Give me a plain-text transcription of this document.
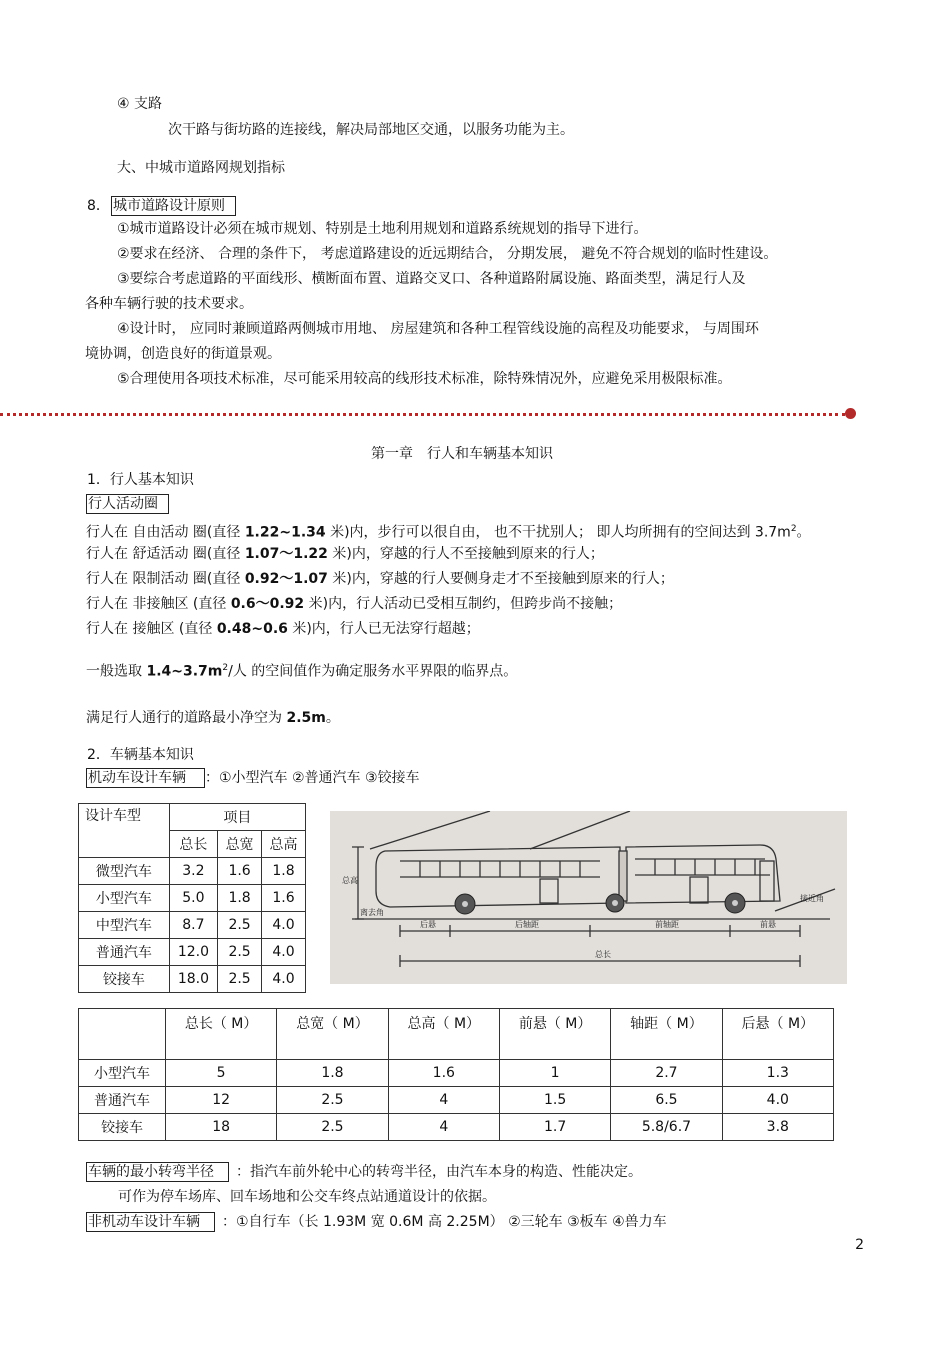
④ 支路
次干路与街坊路的连接线，解决局部地区交通，以服务功能为主。
大、中城市道路网规划指标
8． 城市道路设计原则
①城市道路设计必须在城市规划、特别是土地利用规划和道路系统规划的指导下进行。
②要求在经济、 合理的条件下， 考虑道路建设的近远期结合， 分期发展， 避免不符合规划的临时性建设。
③要综合考虑道路的平面线形、横断面布置、道路交叉口、各种道路附属设施、路面类型，满足行人及
各种车辆行驶的技术要求。
④设计时， 应同时兼顾道路两侧城市用地、 房屋建筑和各种工程管线设施的高程及功能要求， 与周围环
境协调，创造良好的街道景观。
⑤合理使用各项技术标准，尽可能采用较高的线形技术标准，除特殊情况外，应避免采用极限标准。
第一章　行人和车辆基本知识
1．行人基本知识
行人活动圈
行人在 自由活动 圈(直径 1.22~1.34 米)内，步行可以很自由， 也不干扰别人； 即人均所拥有的空间达到 $3.7m^2$。
行人在 舒适活动 圈(直径 1.07～1.22 米)内，穿越的行人不至接触到原来的行人；
行人在 限制活动 圈(直径 0.92～1.07 米)内，穿越的行人要侧身走才不至接触到原来的行人；
行人在 非接触区 (直径 0.6～0.92 米)内，行人活动已受相互制约，但跨步尚不接触；
行人在 接触区 (直径 0.48~0.6 米)内，行人已无法穿行超越；
一般选取 $1.4\sim 3.7m^2/$人 的空间值作为确定服务水平界限的临界点。
满足行人通行的道路最小净空为 2.5m。
2．车辆基本知识
机动车设计车辆	：①小型汽车 ②普通汽车 ③铰接车
设计车型	项目		
	总长	总宽	总高
微型汽车	3.2	1.6	1.8
小型汽车	5.0	1.8	1.6
中型汽车	8.7	2.5	4.0
普通汽车	12.0	2.5	4.0
铰接车	18.0	2.5	4.0
总高
离去角
后悬	后轴距	前轴距	前悬
接近角
总长
	总长（ M）	总宽（ M）	总高（ M）	前悬（ M）	轴距（ M）	后悬（ M）
小型汽车	5	1.8	1.6	1	2.7	1.3
普通汽车	12	2.5	4	1.5	6.5	4.0
铰接车	18	2.5	4	1.7	5.8/6.7	3.8
车辆的最小转弯半径	：指汽车前外轮中心的转弯半径，由汽车本身的构造、性能决定。
可作为停车场库、回车场地和公交车终点站通道设计的依据。
非机动车设计车辆	：①自行车（长 1.93M 宽 0.6M 高 2.25M） ②三轮车 ③板车 ④兽力车
2
